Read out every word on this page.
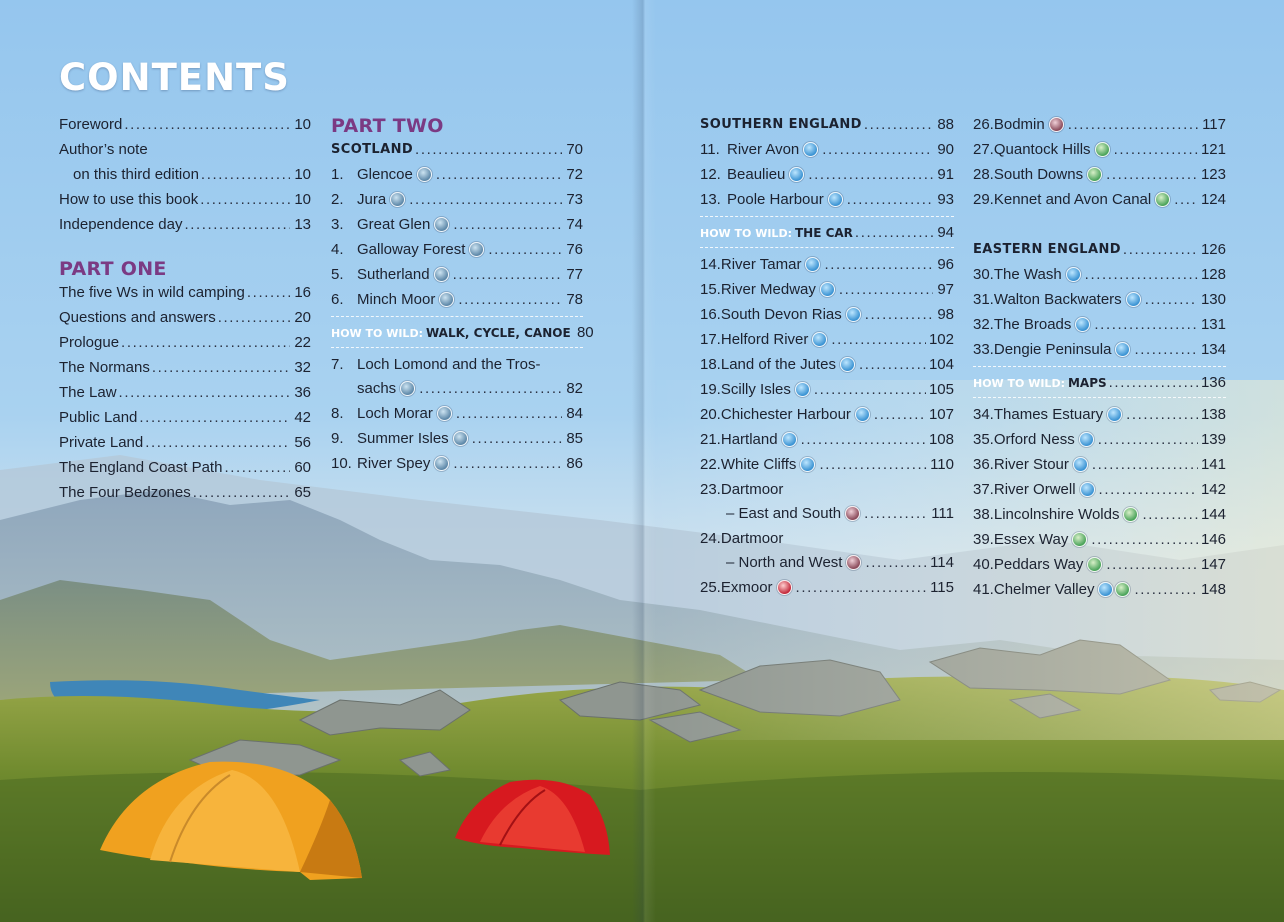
CONTENTS
Foreword .....	10
Author’s note
on this third edition .....	10
How to use this book .....	10
Independence day .....	13
PART ONE
The five Ws in wild camping .....	16
Questions and answers .....	20
Prologue .....	22
The Normans .....	32
The Law .....	36
Public Land .....	42
Private Land .....	56
The England Coast Path .....	60
The Four Bedzones .....	65
PART TWO
SCOTLAND .....	70
1. Glencoe .....	72
2. Jura .....	73
3. Great Glen .....	74
4. Galloway Forest .....	76
5. Sutherland .....	77
6. Minch Moor .....	78
HOW TO WILD: WALK, CYCLE, CANOE 80
7. Loch Lomond and the Tros-
sachs .....	82
8. Loch Morar .....	84
9. Summer Isles .....	85
10. River Spey .....	86
SOUTHERN ENGLAND .....	88
11. River Avon .....	90
12. Beaulieu .....	91
13. Poole Harbour .....	93
HOW TO WILD: THE CAR .....	94
14. River Tamar .....	96
15. River Medway .....	97
16. South Devon Rias .....	98
17. Helford River .....	102
18. Land of the Jutes .....	104
19. Scilly Isles .....	105
20. Chichester Harbour .....	107
21. Hartland .....	108
22. White Cliffs .....	110
23. Dartmoor
– East and South .....	111
24. Dartmoor
– North and West .....	114
25. Exmoor .....	115
26. Bodmin .....	117
27. Quantock Hills .....	121
28. South Downs .....	123
29. Kennet and Avon Canal .....	124
EASTERN ENGLAND .....	126
30. The Wash .....	128
31. Walton Backwaters .....	130
32. The Broads .....	131
33. Dengie Peninsula .....	134
HOW TO WILD: MAPS .....	136
34. Thames Estuary .....	138
35. Orford Ness .....	139
36. River Stour .....	141
37. River Orwell .....	142
38. Lincolnshire Wolds .....	144
39. Essex Way .....	146
40. Peddars Way .....	147
41. Chelmer Valley .....	148
